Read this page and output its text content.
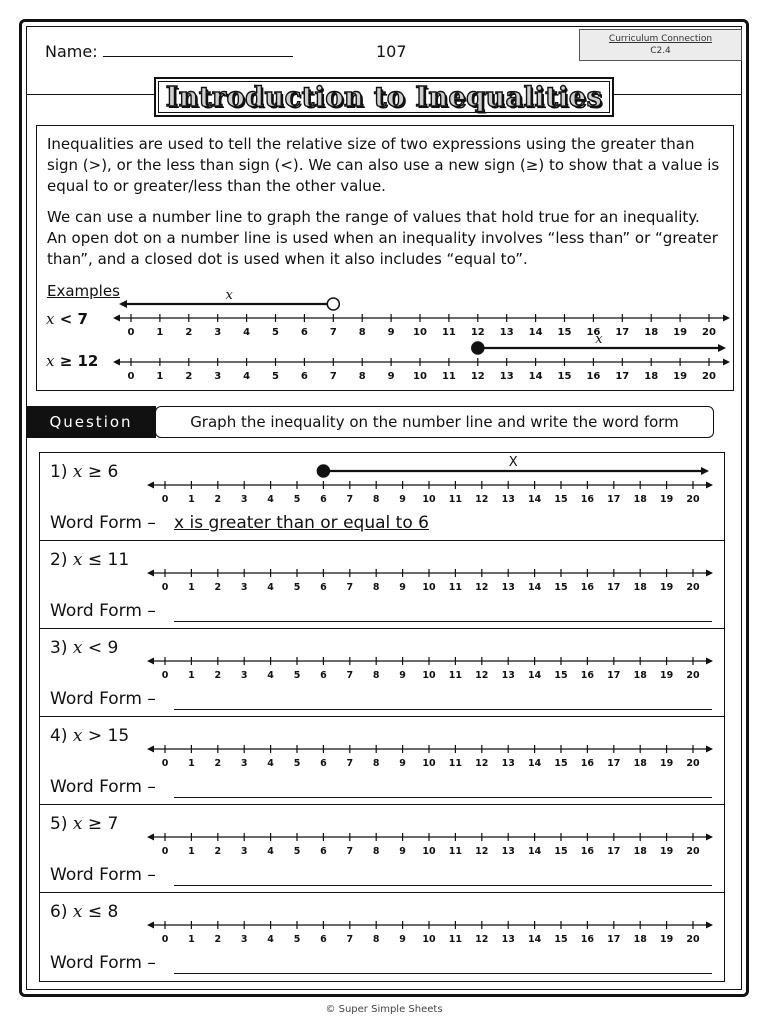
Name:	107
Curriculum Connection
C2.4
Introduction to Inequalities

Inequalities are used to tell the relative size of two expressions using the greater than sign (>), or the less than sign (<). We can also use a new sign (≥) to show that a value is equal to or greater/less than the other value.

We can use a number line to graph the range of values that hold true for an inequality. An open dot on a number line is used when an inequality involves “less than” or “greater than”, and a closed dot is used when it also includes “equal to”.

Examples
x < 7
0 1 2 3 4 5 6 7 8 9 10 11 12 13 14 15 16 17 18 19 20
x
x ≥ 12
0 1 2 3 4 5 6 7 8 9 10 11 12 13 14 15 16 17 18 19 20
x
Question	Graph the inequality on the number line and write the word form
1) x ≥ 6
0 1 2 3 4 5 6 7 8 9 10 11 12 13 14 15 16 17 18 19 20
X
Word Form – x is greater than or equal to 6
2) x ≤ 11
0 1 2 3 4 5 6 7 8 9 10 11 12 13 14 15 16 17 18 19 20
Word Form –
3) x < 9
0 1 2 3 4 5 6 7 8 9 10 11 12 13 14 15 16 17 18 19 20
Word Form –
4) x > 15
0 1 2 3 4 5 6 7 8 9 10 11 12 13 14 15 16 17 18 19 20
Word Form –
5) x ≥ 7
0 1 2 3 4 5 6 7 8 9 10 11 12 13 14 15 16 17 18 19 20
Word Form –
6) x ≤ 8
0 1 2 3 4 5 6 7 8 9 10 11 12 13 14 15 16 17 18 19 20
Word Form –
© Super Simple Sheets
